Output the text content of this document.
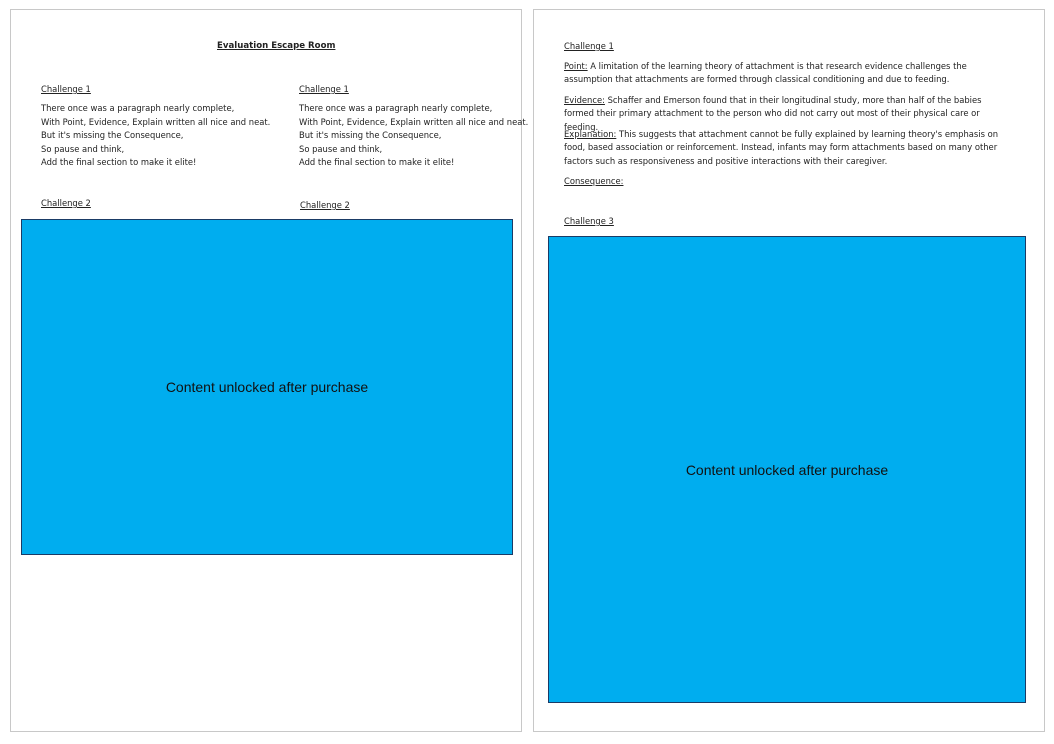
Evaluation Escape Room
Challenge 1
There once was a paragraph nearly complete,
With Point, Evidence, Explain written all nice and neat.
But it's missing the Consequence,
So pause and think,
Add the final section to make it elite!
Challenge 2
Challenge 1
There once was a paragraph nearly complete,
With Point, Evidence, Explain written all nice and neat.
But it's missing the Consequence,
So pause and think,
Add the final section to make it elite!
Challenge 2
Content unlocked after purchase
Challenge 1
Point: A limitation of the learning theory of attachment is that research evidence challenges the assumption that attachments are formed through classical conditioning and due to feeding.
Evidence: Schaffer and Emerson found that in their longitudinal study, more than half of the babies formed their primary attachment to the person who did not carry out most of their physical care or feeding.
Explanation: This suggests that attachment cannot be fully explained by learning theory's emphasis on food, based association or reinforcement. Instead, infants may form attachments based on many other factors such as responsiveness and positive interactions with their caregiver.
Consequence:
Challenge 3
Content unlocked after purchase
